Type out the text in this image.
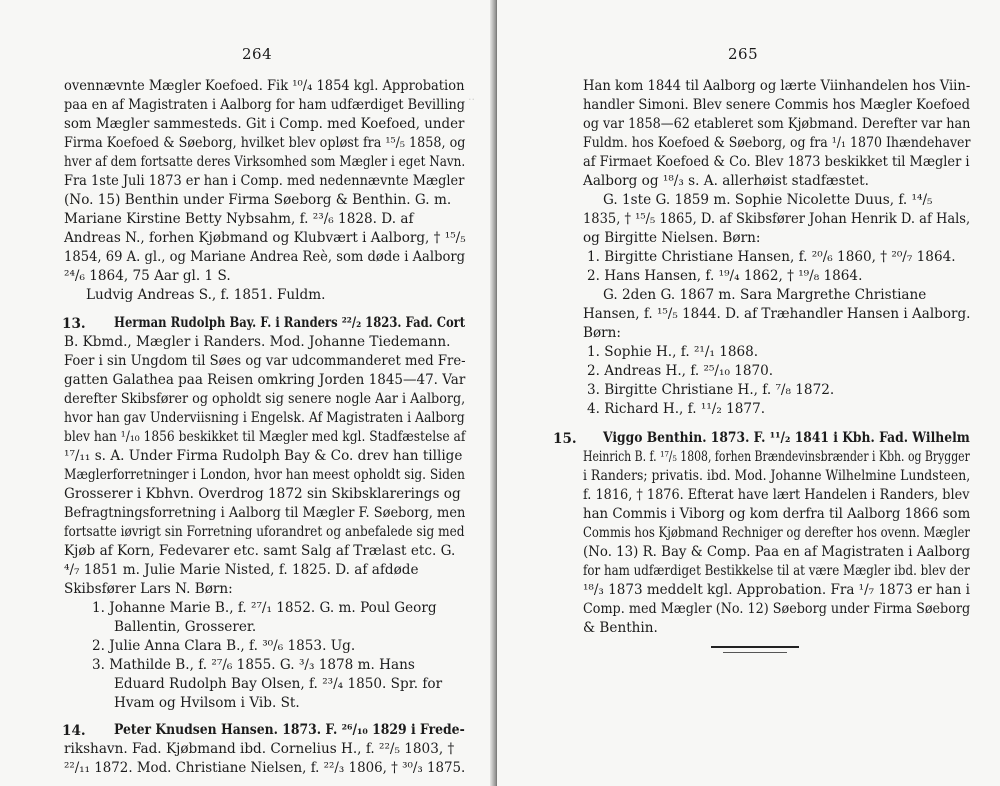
..
264
ovennævnte Mægler Koefoed. Fik ¹⁰/₄ 1854 kgl. Approbation
paa en af Magistraten i Aalborg for ham udfærdiget Bevilling
som Mægler sammesteds. Git i Comp. med Koefoed, under
Firma Koefoed & Søeborg, hvilket blev opløst fra ¹⁵/₅ 1858, og
hver af dem fortsatte deres Virksomhed som Mægler i eget Navn.
Fra 1ste Juli 1873 er han i Comp. med nedennævnte Mægler
(No. 15) Benthin under Firma Søeborg & Benthin. G. m.
Mariane Kirstine Betty Nybsahm, f. ²³/₆ 1828. D. af
Andreas N., forhen Kjøbmand og Klubvært i Aalborg, † ¹⁵/₅
1854, 69 A. gl., og Mariane Andrea Reè, som døde i Aalborg
²⁴/₆ 1864, 75 Aar gl. 1 S.
Ludvig Andreas S., f. 1851. Fuldm.
13. Herman Rudolph Bay. F. i Randers ²²/₂ 1823. Fad. Cort
B. Kbmd., Mægler i Randers. Mod. Johanne Tiedemann.
Foer i sin Ungdom til Søes og var udcommanderet med Fre-
gatten Galathea paa Reisen omkring Jorden 1845—47. Var
derefter Skibsfører og opholdt sig senere nogle Aar i Aalborg,
hvor han gav Underviisning i Engelsk. Af Magistraten i Aalborg
blev han ¹/₁₀ 1856 beskikket til Mægler med kgl. Stadfæstelse af
¹⁷/₁₁ s. A. Under Firma Rudolph Bay & Co. drev han tillige
Mæglerforretninger i London, hvor han meest opholdt sig. Siden
Grosserer i Kbhvn. Overdrog 1872 sin Skibsklarerings og
Befragtningsforretning i Aalborg til Mægler F. Søeborg, men
fortsatte iøvrigt sin Forretning uforandret og anbefalede sig med
Kjøb af Korn, Fedevarer etc. samt Salg af Trælast etc. G.
⁴/₇ 1851 m. Julie Marie Nisted, f. 1825. D. af afdøde
Skibsfører Lars N. Børn:
1. Johanne Marie B., f. ²⁷/₁ 1852. G. m. Poul Georg
Ballentin, Grosserer.
2. Julie Anna Clara B., f. ³⁰/₆ 1853. Ug.
3. Mathilde B., f. ²⁷/₆ 1855. G. ³/₃ 1878 m. Hans
Eduard Rudolph Bay Olsen, f. ²³/₄ 1850. Spr. for
Hvam og Hvilsom i Vib. St.
14. Peter Knudsen Hansen. 1873. F. ²⁶/₁₀ 1829 i Frede-
rikshavn. Fad. Kjøbmand ibd. Cornelius H., f. ²²/₅ 1803, †
²²/₁₁ 1872. Mod. Christiane Nielsen, f. ²²/₃ 1806, † ³⁰/₃ 1875.
265
Han kom 1844 til Aalborg og lærte Viinhandelen hos Viin-
handler Simoni. Blev senere Commis hos Mægler Koefoed
og var 1858—62 etableret som Kjøbmand. Derefter var han
Fuldm. hos Koefoed & Søeborg, og fra ¹/₁ 1870 Ihændehaver
af Firmaet Koefoed & Co. Blev 1873 beskikket til Mægler i
Aalborg og ¹⁸/₃ s. A. allerhøist stadfæstet.
G. 1ste G. 1859 m. Sophie Nicolette Duus, f. ¹⁴/₅
1835, † ¹⁵/₅ 1865, D. af Skibsfører Johan Henrik D. af Hals,
og Birgitte Nielsen. Børn:
1. Birgitte Christiane Hansen, f. ²⁰/₆ 1860, † ²⁰/₇ 1864.
2. Hans Hansen, f. ¹⁹/₄ 1862, † ¹⁹/₈ 1864.
G. 2den G. 1867 m. Sara Margrethe Christiane
Hansen, f. ¹⁵/₅ 1844. D. af Træhandler Hansen i Aalborg.
Børn:
1. Sophie H., f. ²¹/₁ 1868.
2. Andreas H., f. ²⁵/₁₀ 1870.
3. Birgitte Christiane H., f. ⁷/₈ 1872.
4. Richard H., f. ¹¹/₂ 1877.
15. Viggo Benthin. 1873. F. ¹¹/₂ 1841 i Kbh. Fad. Wilhelm
Heinrich B. f. ¹⁷/₅ 1808, forhen Brændevinsbrænder i Kbh. og Brygger
i Randers; privatis. ibd. Mod. Johanne Wilhelmine Lundsteen,
f. 1816, † 1876. Efterat have lært Handelen i Randers, blev
han Commis i Viborg og kom derfra til Aalborg 1866 som
Commis hos Kjøbmand Rechniger og derefter hos ovenn. Mægler
(No. 13) R. Bay & Comp. Paa en af Magistraten i Aalborg
for ham udfærdiget Bestikkelse til at være Mægler ibd. blev der
¹⁸/₃ 1873 meddelt kgl. Approbation. Fra ¹/₇ 1873 er han i
Comp. med Mægler (No. 12) Søeborg under Firma Søeborg
& Benthin.
